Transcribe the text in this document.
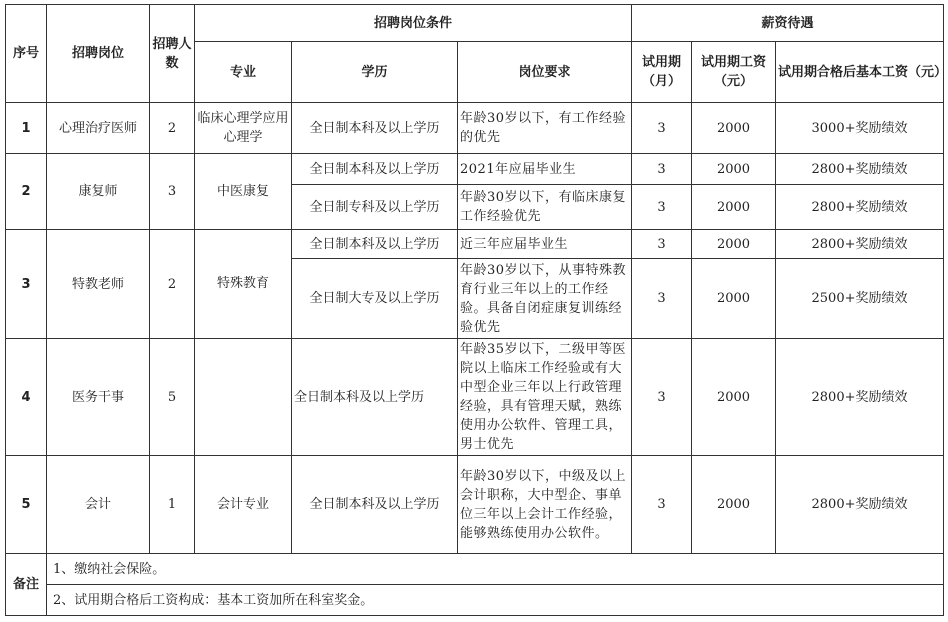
序号	招聘岗位	招聘人数	招聘岗位条件			薪资待遇		
			专业	学历	岗位要求	试用期（月）	试用期工资（元）	试用期合格后基本工资（元）
1	心理治疗医师	2	临床心理学应用心理学	全日制本科及以上学历	年龄30岁以下，有工作经验的优先	3	2000	3000+奖励绩效
2	康复师	3	中医康复	全日制本科及以上学历	2021年应届毕业生	3	2000	2800+奖励绩效
				全日制专科及以上学历	年龄30岁以下，有临床康复工作经验优先	3	2000	2800+奖励绩效
3	特教老师	2	特殊教育	全日制本科及以上学历	近三年应届毕业生	3	2000	2800+奖励绩效
				全日制大专及以上学历	年龄30岁以下，从事特殊教育行业三年以上的工作经验。具备自闭症康复训练经验优先	3	2000	2500+奖励绩效
4	医务干事	5		全日制本科及以上学历	年龄35岁以下，二级甲等医院以上临床工作经验或有大中型企业三年以上行政管理经验，具有管理天赋，熟练使用办公软件、管理工具，男士优先	3	2000	2800+奖励绩效
5	会计	1	会计专业	全日制本科及以上学历	年龄30岁以下，中级及以上会计职称，大中型企、事单位三年以上会计工作经验，能够熟练使用办公软件。	3	2000	2800+奖励绩效
备注	1、缴纳社会保险。							
	2、试用期合格后工资构成：基本工资加所在科室奖金。							
